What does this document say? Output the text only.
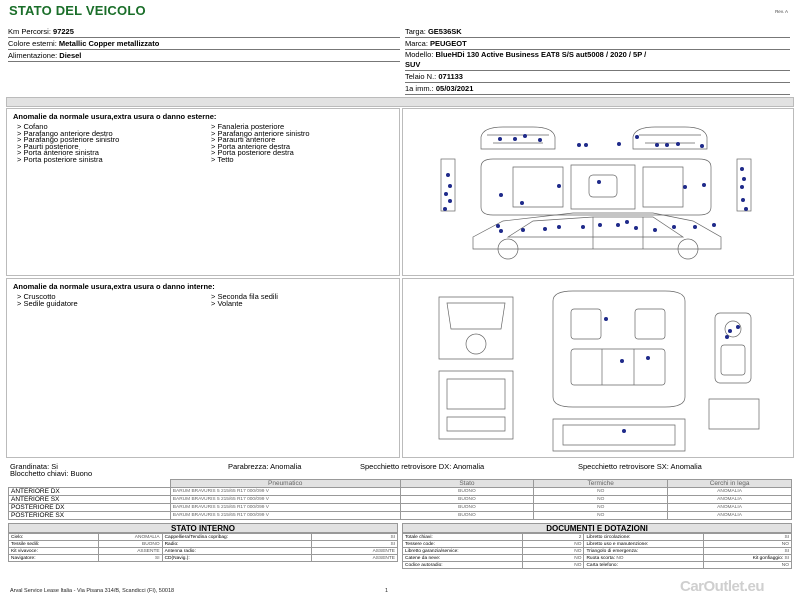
STATO DEL VEICOLO	Rev. A
Km Percorsi: 97225
Colore esterni: Metallic Copper metallizzato
Alimentazione: Diesel
Targa: GE536SK
Marca: PEUGEOT
Modello: BlueHDi 130 Active Business EAT8 S/S aut5008 / 2020 / 5P /
SUV
Telaio N.: 071133
1a imm.: 05/03/2021
Anomalie da normale usura,extra usura o danno esterne:
> Cofano
> Parafango anteriore destro
> Parafango posteriore sinistro
> Paurti posteriore
> Porta anteriore sinistra
> Porta posteriore sinistra
> Fanaleria posteriore
> Parafango anteriore sinistro
> Paraurti anteriore
> Porta anteriore destra
> Porta posteriore destra
> Tetto
Anomalie da normale usura,extra usura o danno interne:
> Cruscotto
> Sedile guidatore
> Seconda fila sedili
> Volante
Grandinata: Si	Parabrezza: Anomalia	Specchietto retrovisore DX: Anomalia	Specchietto retrovisore SX: Anomalia
Blocchetto chiavi: Buono
	Pneumatico	Stato	Termiche	Cerchi in lega
ANTERIORE DX	BARUM BRAVURIS 5 215/65 R17 000/099 V	BUONO	NO	ANOMALIA
ANTERIORE SX	BARUM BRAVURIS 5 215/65 R17 000/099 V	BUONO	NO	ANOMALIA
POSTERIORE DX	BARUM BRAVURIS 5 215/65 R17 000/099 V	BUONO	NO	ANOMALIA
POSTERIORE SX	BARUM BRAVURIS 5 215/65 R17 000/099 V	BUONO	NO	ANOMALIA
STATO INTERNO
Cielo:	ANOMALIA	Cappelliera/Tendina copribag:	SI
Tessile sedili:	BUONO	Radio:	SI
Kit vivavoce:	ASSENTE	Antenna radio:	ASSENTE
Navigatore:	SI	CD(Navig.):	ASSENTE
DOCUMENTI E DOTAZIONI
Totale chiavi:	2	Libretto circolazione:	SI
Tessere code:	NO	Libretto uso e manutenzione:	NO
Libretto garanzia/service:	NO	Triangolo di emergenza:	SI
Catene da neve:	NO	Ruota scorta: NO	Kit gonfiaggio: SI
Codice autoradio:	NO	Carta telefono:	NO
Arval Service Lease Italia - Via Pisana 314/B, Scandicci (FI), 50018	1	CarOutlet.eu
